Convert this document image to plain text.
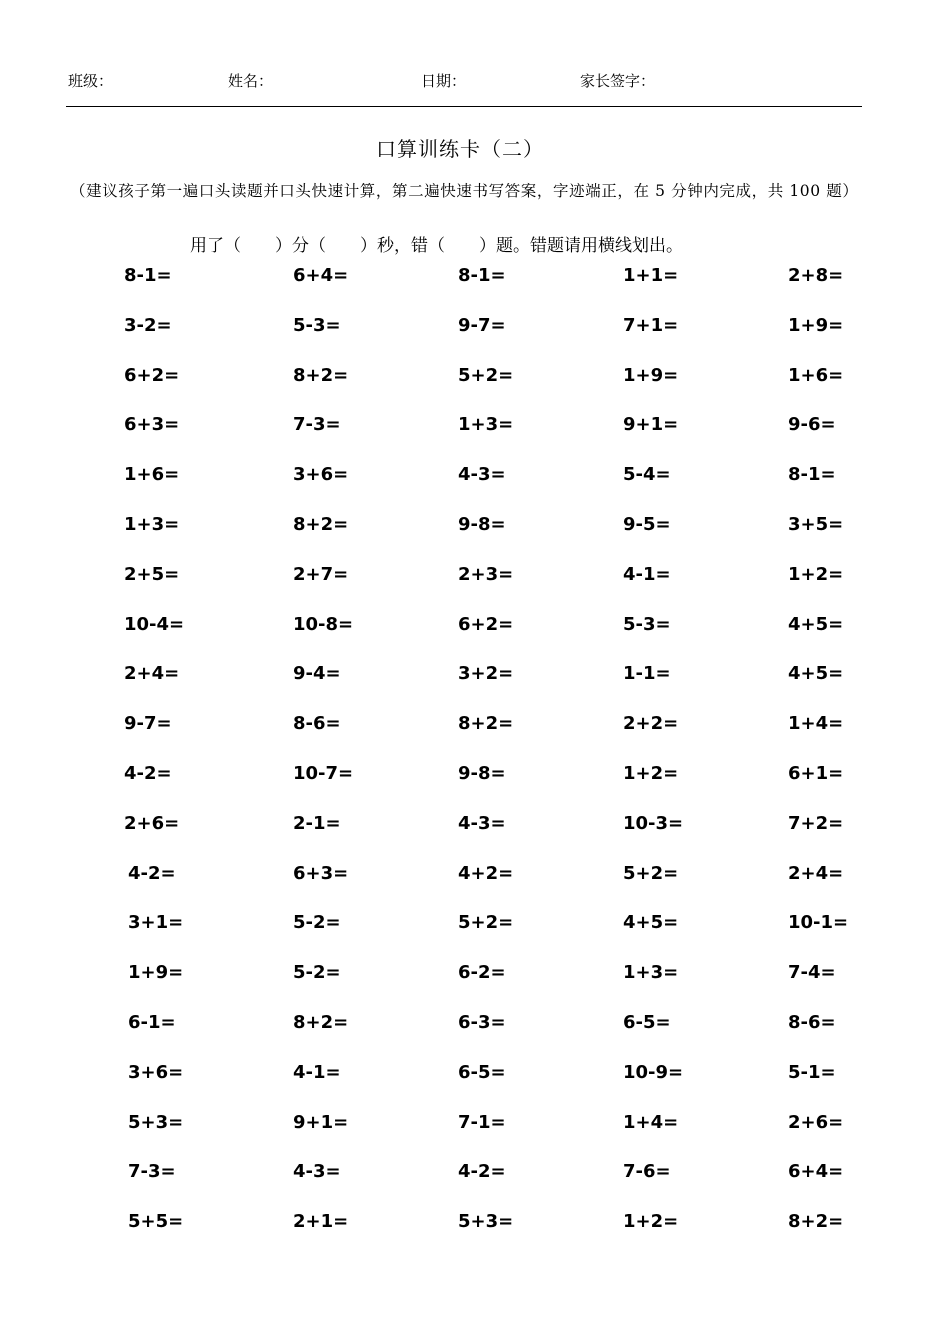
班级：	姓名：	日期：	家长签字：
口算训练卡（二）
（建议孩子第一遍口头读题并口头快速计算，第二遍快速书写答案，字迹端正，在 5 分钟内完成，共 100 题）
用了（　　）分（　　）秒，错（　　）题。错题请用横线划出。
8-1=	6+4=	8-1=	1+1=	2+8=
3-2=	5-3=	9-7=	7+1=	1+9=
6+2=	8+2=	5+2=	1+9=	1+6=
6+3=	7-3=	1+3=	9+1=	9-6=
1+6=	3+6=	4-3=	5-4=	8-1=
1+3=	8+2=	9-8=	9-5=	3+5=
2+5=	2+7=	2+3=	4-1=	1+2=
10-4=	10-8=	6+2=	5-3=	4+5=
2+4=	9-4=	3+2=	1-1=	4+5=
9-7=	8-6=	8+2=	2+2=	1+4=
4-2=	10-7=	9-8=	1+2=	6+1=
2+6=	2-1=	4-3=	10-3=	7+2=
4-2=	6+3=	4+2=	5+2=	2+4=
3+1=	5-2=	5+2=	4+5=	10-1=
1+9=	5-2=	6-2=	1+3=	7-4=
6-1=	8+2=	6-3=	6-5=	8-6=
3+6=	4-1=	6-5=	10-9=	5-1=
5+3=	9+1=	7-1=	1+4=	2+6=
7-3=	4-3=	4-2=	7-6=	6+4=
5+5=	2+1=	5+3=	1+2=	8+2=
